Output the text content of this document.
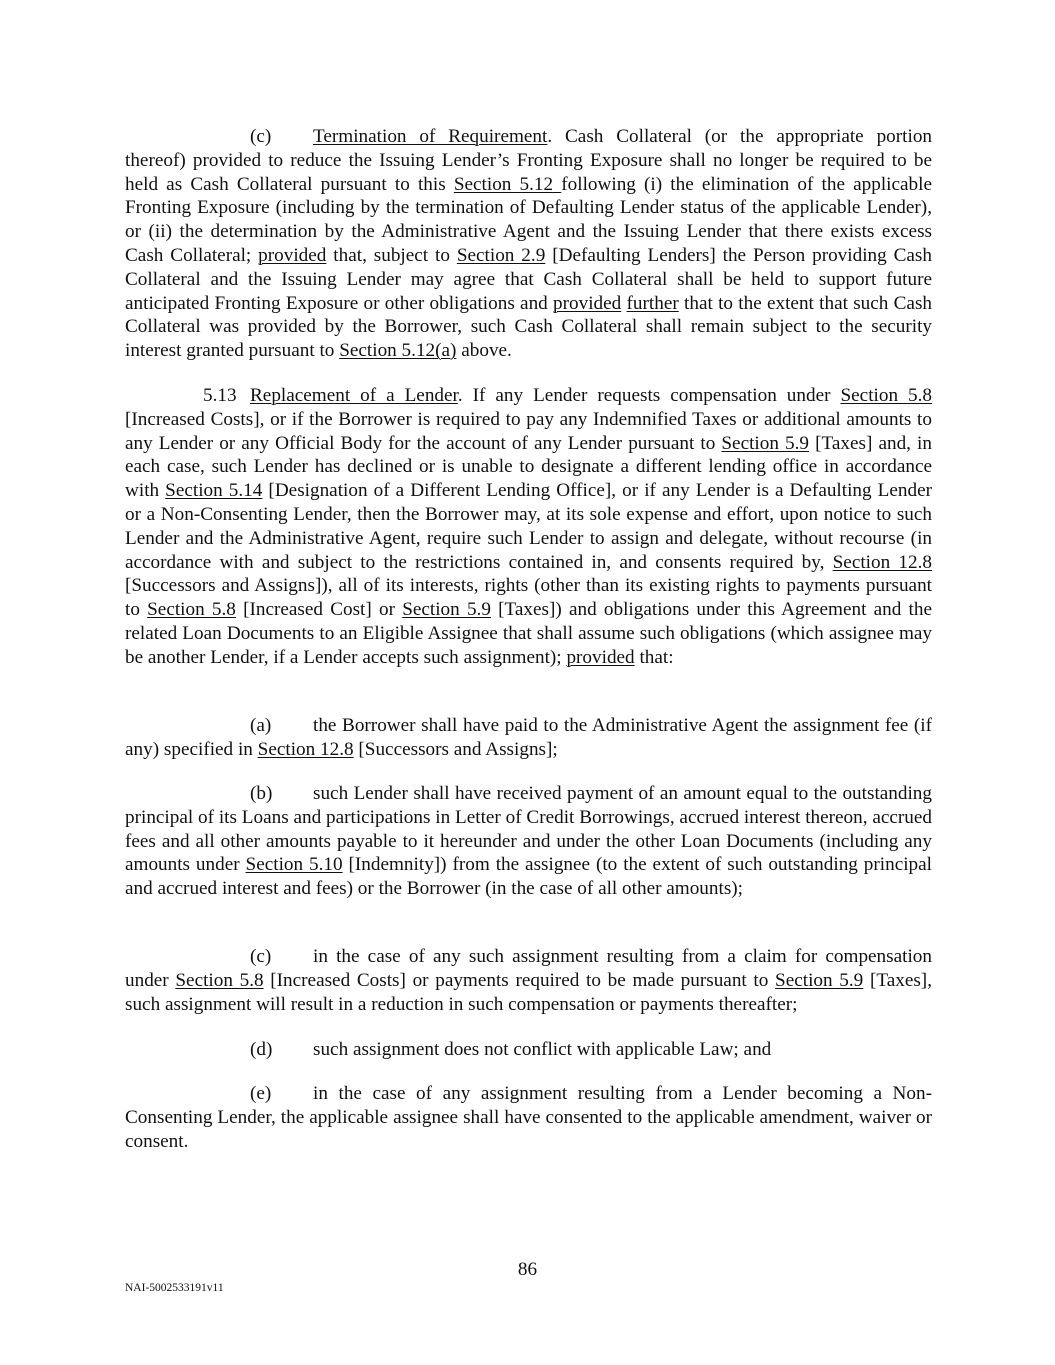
(c) Termination of Requirement. Cash Collateral (or the appropriate portion thereof) provided to reduce the Issuing Lender’s Fronting Exposure shall no longer be required to be held as Cash Collateral pursuant to this Section 5.12 following (i) the elimination of the applicable Fronting Exposure (including by the termination of Defaulting Lender status of the applicable Lender), or (ii) the determination by the Administrative Agent and the Issuing Lender that there exists excess Cash Collateral; provided that, subject to Section 2.9 [Defaulting Lenders] the Person providing Cash Collateral and the Issuing Lender may agree that Cash Collateral shall be held to support future anticipated Fronting Exposure or other obligations and provided further that to the extent that such Cash Collateral was provided by the Borrower, such Cash Collateral shall remain subject to the security interest granted pursuant to Section 5.12(a) above.

5.13 Replacement of a Lender. If any Lender requests compensation under Section 5.8 [Increased Costs], or if the Borrower is required to pay any Indemnified Taxes or additional amounts to any Lender or any Official Body for the account of any Lender pursuant to Section 5.9 [Taxes] and, in each case, such Lender has declined or is unable to designate a different lending office in accordance with Section 5.14 [Designation of a Different Lending Office], or if any Lender is a Defaulting Lender or a Non-Consenting Lender, then the Borrower may, at its sole expense and effort, upon notice to such Lender and the Administrative Agent, require such Lender to assign and delegate, without recourse (in accordance with and subject to the restrictions contained in, and consents required by, Section 12.8 [Successors and Assigns]), all of its interests, rights (other than its existing rights to payments pursuant to Section 5.8 [Increased Cost] or Section 5.9 [Taxes]) and obligations under this Agreement and the related Loan Documents to an Eligible Assignee that shall assume such obligations (which assignee may be another Lender, if a Lender accepts such assignment); provided that:

(a) the Borrower shall have paid to the Administrative Agent the assignment fee (if any) specified in Section 12.8 [Successors and Assigns];

(b) such Lender shall have received payment of an amount equal to the outstanding principal of its Loans and participations in Letter of Credit Borrowings, accrued interest thereon, accrued fees and all other amounts payable to it hereunder and under the other Loan Documents (including any amounts under Section 5.10 [Indemnity]) from the assignee (to the extent of such outstanding principal and accrued interest and fees) or the Borrower (in the case of all other amounts);

(c) in the case of any such assignment resulting from a claim for compensation under Section 5.8 [Increased Costs] or payments required to be made pursuant to Section 5.9 [Taxes], such assignment will result in a reduction in such compensation or payments thereafter;

(d) such assignment does not conflict with applicable Law; and

(e) in the case of any assignment resulting from a Lender becoming a Non-Consenting Lender, the applicable assignee shall have consented to the applicable amendment, waiver or consent.

86
NAI-5002533191v11
